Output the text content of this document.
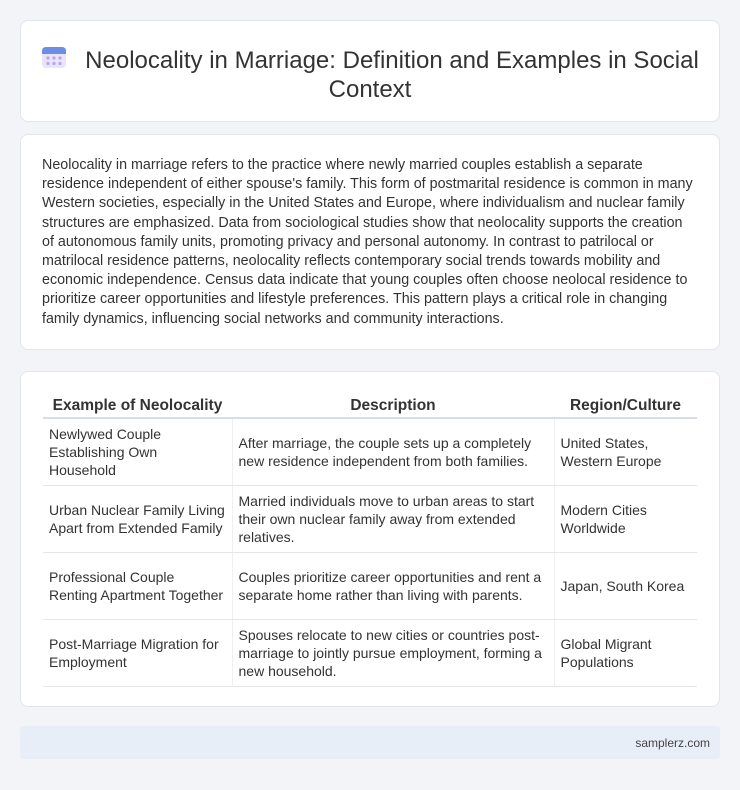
Neolocality in Marriage: Definition and Examples in Social Context

Neolocality in marriage refers to the practice where newly married couples establish a separate residence independent of either spouse's family. This form of postmarital residence is common in many Western societies, especially in the United States and Europe, where individualism and nuclear family structures are emphasized. Data from sociological studies show that neolocality supports the creation of autonomous family units, promoting privacy and personal autonomy. In contrast to patrilocal or matrilocal residence patterns, neolocality reflects contemporary social trends towards mobility and economic independence. Census data indicate that young couples often choose neolocal residence to prioritize career opportunities and lifestyle preferences. This pattern plays a critical role in changing family dynamics, influencing social networks and community interactions.

Example of Neolocality	Description	Region/Culture
Newlywed Couple Establishing Own Household	After marriage, the couple sets up a completely new residence independent from both families.	United States, Western Europe
Urban Nuclear Family Living Apart from Extended Family	Married individuals move to urban areas to start their own nuclear family away from extended relatives.	Modern Cities Worldwide
Professional Couple Renting Apartment Together	Couples prioritize career opportunities and rent a separate home rather than living with parents.	Japan, South Korea
Post-Marriage Migration for Employment	Spouses relocate to new cities or countries post-marriage to jointly pursue employment, forming a new household.	Global Migrant Populations
samplerz.com
